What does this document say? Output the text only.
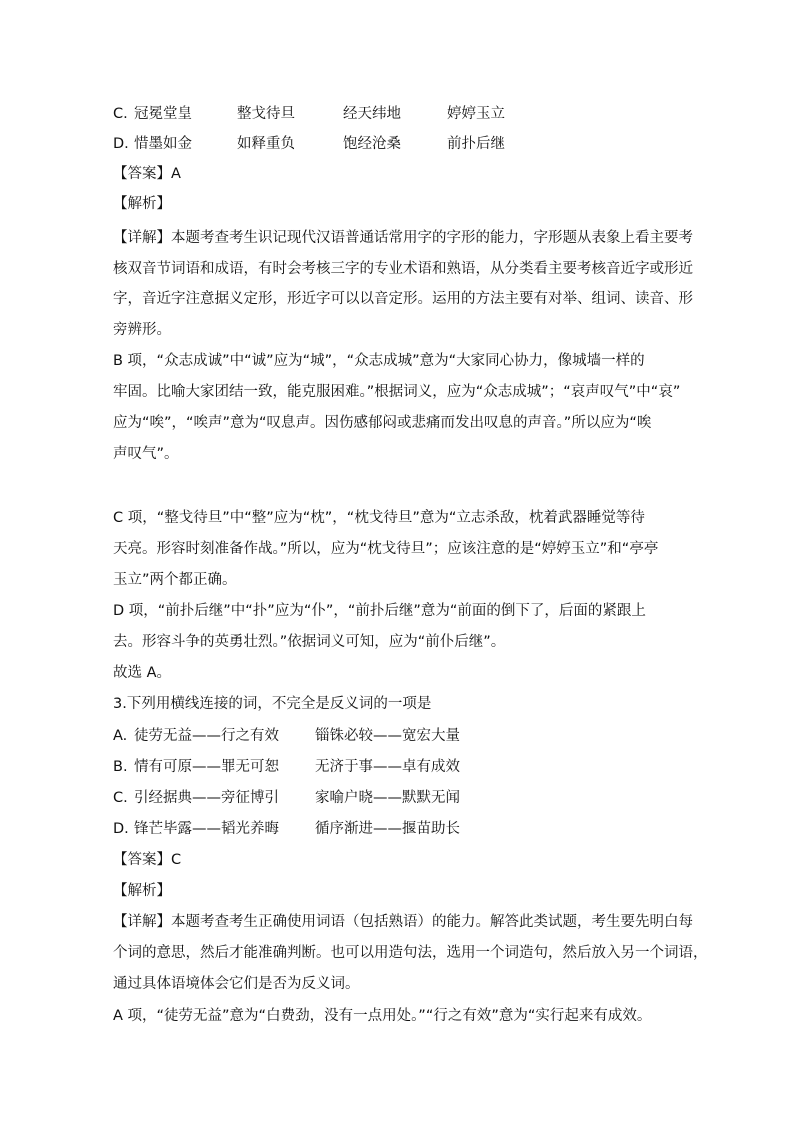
C. 冠冕堂皇	整戈待旦	经天纬地	婷婷玉立
D. 惜墨如金	如释重负	饱经沧桑	前扑后继
【答案】A
【解析】
【详解】本题考查考生识记现代汉语普通话常用字的字形的能力，字形题从表象上看主要考
核双音节词语和成语，有时会考核三字的专业术语和熟语，从分类看主要考核音近字或形近
字，音近字注意据义定形，形近字可以以音定形。运用的方法主要有对举、组词、读音、形
旁辨形。
B 项，“众志成诚”中“诚”应为“城”，“众志成城”意为“大家同心协力，像城墙一样的
牢固。比喻大家团结一致，能克服困难。”根据词义，应为“众志成城”；“哀声叹气”中“哀”
应为“唉”，“唉声”意为“叹息声。因伤感郁闷或悲痛而发出叹息的声音。”所以应为“唉
声叹气”。
C 项，“整戈待旦”中“整”应为“枕”，“枕戈待旦”意为“立志杀敌，枕着武器睡觉等待
天亮。形容时刻准备作战。”所以，应为“枕戈待旦”；应该注意的是“婷婷玉立”和“亭亭
玉立”两个都正确。
D 项，“前扑后继”中“扑”应为“仆”，“前扑后继”意为“前面的倒下了，后面的紧跟上
去。形容斗争的英勇壮烈。”依据词义可知，应为“前仆后继”。
故选 A。
3.下列用横线连接的词，不完全是反义词的一项是
A. 徒劳无益——行之有效 锱铢必较——宽宏大量
B. 情有可原——罪无可恕 无济于事——卓有成效
C. 引经据典——旁征博引 家喻户晓——默默无闻
D. 锋芒毕露——韬光养晦 循序渐进——揠苗助长
【答案】C
【解析】
【详解】本题考查考生正确使用词语（包括熟语）的能力。解答此类试题，考生要先明白每
个词的意思，然后才能准确判断。也可以用造句法，选用一个词造句，然后放入另一个词语，
通过具体语境体会它们是否为反义词。
A 项，“徒劳无益”意为“白费劲，没有一点用处。”“行之有效”意为“实行起来有成效。
